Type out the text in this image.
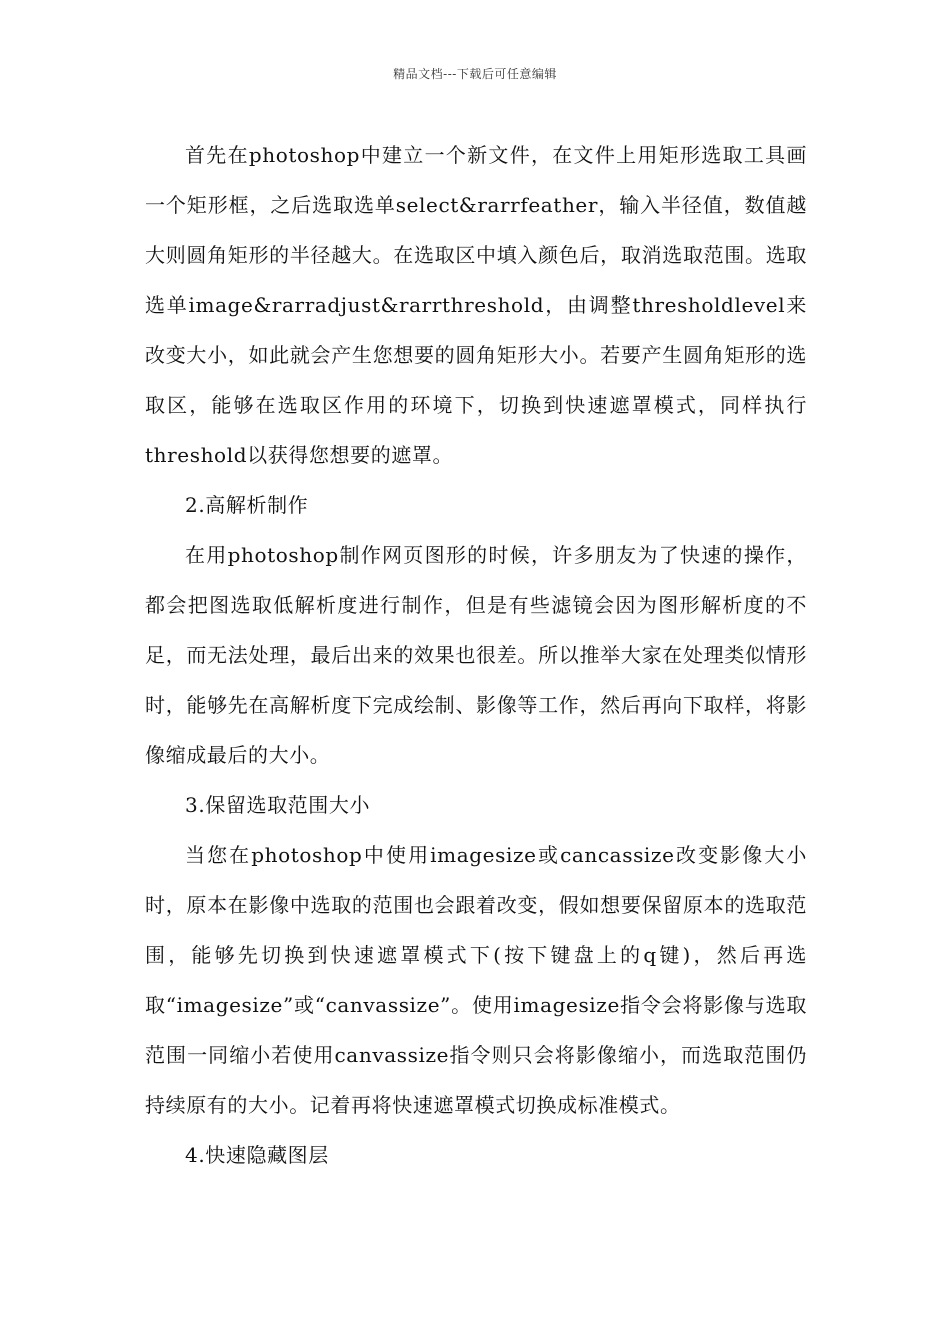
精品文档---下载后可任意编辑

首先在photoshop中建立一个新文件，在文件上用矩形选取工具画一个矩形框，之后选取选单select&rarrfeather，输入半径值，数值越大则圆角矩形的半径越大。在选取区中填入颜色后，取消选取范围。选取选单image&rarradjust&rarrthreshold，由调整thresholdlevel来改变大小，如此就会产生您想要的圆角矩形大小。若要产生圆角矩形的选取区，能够在选取区作用的环境下，切换到快速遮罩模式，同样执行threshold以获得您想要的遮罩。

2.高解析制作

在用photoshop制作网页图形的时候，许多朋友为了快速的操作，都会把图选取低解析度进行制作，但是有些滤镜会因为图形解析度的不足，而无法处理，最后出来的效果也很差。所以推举大家在处理类似情形时，能够先在高解析度下完成绘制、影像等工作，然后再向下取样，将影像缩成最后的大小。

3.保留选取范围大小

当您在photoshop中使用imagesize或cancassize改变影像大小时，原本在影像中选取的范围也会跟着改变，假如想要保留原本的选取范围，能够先切换到快速遮罩模式下(按下键盘上的q键)，然后再选取“imagesize”或“canvassize”。使用imagesize指令会将影像与选取范围一同缩小若使用canvassize指令则只会将影像缩小，而选取范围仍持续原有的大小。记着再将快速遮罩模式切换成标准模式。

4.快速隐藏图层
